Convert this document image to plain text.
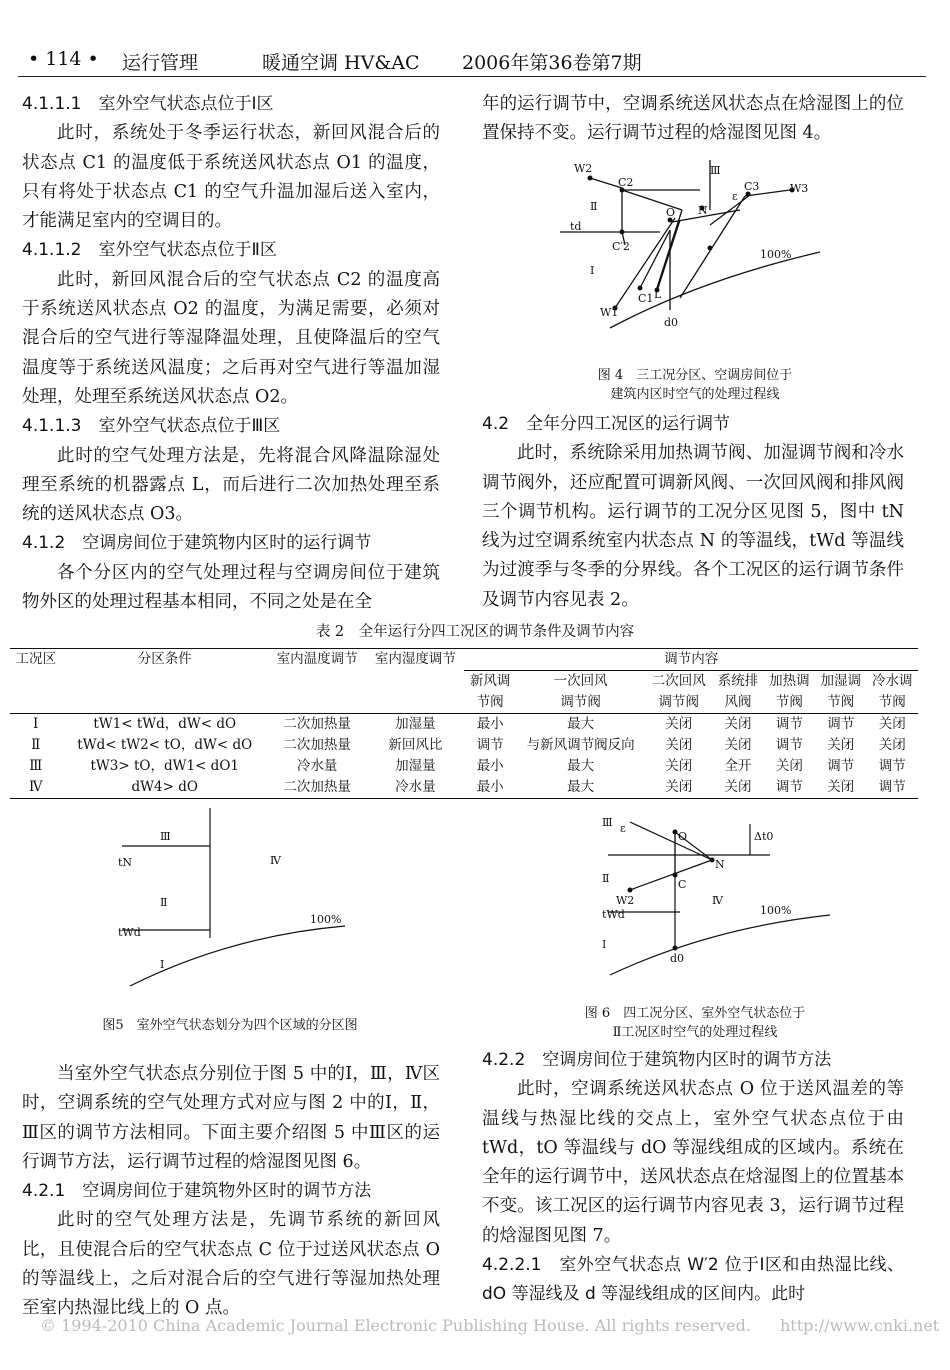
• 114 • 运行管理	暖通空调 HV&AC 2006年第36卷第7期

4.1.1.1　室外空气状态点位于Ⅰ区

此时，系统处于冬季运行状态，新回风混合后的状态点 C1 的温度低于系统送风状态点 O1 的温度，只有将处于状态点 C1 的空气升温加湿后送入室内，才能满足室内的空调目的。

4.1.1.2　室外空气状态点位于Ⅱ区

此时，新回风混合后的空气状态点 C2 的温度高于系统送风状态点 O2 的温度，为满足需要，必须对混合后的空气进行等湿降温处理，且使降温后的空气温度等于系统送风温度；之后再对空气进行等温加湿处理，处理至系统送风状态点 O2。

4.1.1.3　室外空气状态点位于Ⅲ区

此时的空气处理方法是，先将混合风降温除湿处理至系统的机器露点 L，而后进行二次加热处理至系统的送风状态点 O3。

4.1.2　空调房间位于建筑物内区时的运行调节

各个分区内的空气处理过程与空调房间位于建筑物外区的处理过程基本相同，不同之处是在全

年的运行调节中，空调系统送风状态点在焓湿图上的位置保持不变。运行调节过程的焓湿图见图 4。

4.2　全年分四工况区的运行调节

此时，系统除采用加热调节阀、加湿调节阀和冷水调节阀外，还应配置可调新风阀、一次回风阀和排风阀三个调节机构。运行调节的工况分区见图 5，图中 tN 线为过空调系统室内状态点 N 的等温线，tWd 等温线为过渡季与冬季的分界线。各个工况区的运行调节条件及调节内容见表 2。

当室外空气状态点分别位于图 5 中的Ⅰ，Ⅲ，Ⅳ区时，空调系统的空气处理方式对应与图 2 中的Ⅰ，Ⅱ，Ⅲ区的调节方法相同。下面主要介绍图 5 中Ⅲ区的运行调节方法，运行调节过程的焓湿图见图 6。

4.2.1　空调房间位于建筑物外区时的调节方法

此时的空气处理方法是，先调节系统的新回风比，且使混合后的空气状态点 C 位于过送风状态点 O 的等温线上，之后对混合后的空气进行等湿加热处理至室内热湿比线上的 O 点。

4.2.2　空调房间位于建筑物内区时的调节方法

此时，空调系统送风状态点 O 位于送风温差的等温线与热湿比线的交点上，室外空气状态点位于由 tWd，tO 等温线与 dO 等湿线组成的区域内。系统在全年的运行调节中，送风状态点在焓湿图上的位置基本不变。该工况区的运行调节内容见表 3，运行调节过程的焓湿图见图 7。

4.2.2.1　室外空气状态点 W′2 位于Ⅰ区和由热湿比线、dO 等湿线及 d 等湿线组成的区间内。此时

W2
C2
Ⅲ
W3
ε
C3
Ⅱ	N
O
td
C′2
100%
Ⅰ
C1 L
W1
d0
图 4　三工况分区、空调房间位于
建筑内区时空气的处理过程线
表 2　全年运行分四工况区的调节条件及调节内容
工况区	分区条件	室内温度调节	室内湿度调节	调节内容						
				新风调	一次回风	二次回风	系统排	加热调	加湿调	冷水调
				节阀	调节阀	调节阀	风阀	节阀	节阀	节阀
Ⅰ	tW1< tWd，dW< dO	二次加热量	加湿量	最小	最大	关闭	关闭	调节	调节	关闭
Ⅱ	tWd< tW2< tO，dW< dO	二次加热量	新回风比	调节	与新风调节阀反向	关闭	关闭	调节	关闭	关闭
Ⅲ	tW3> tO，dW1< dO1	冷水量	加湿量	最小	最大	关闭	全开	关闭	调节	调节
Ⅳ	dW4> dO	二次加热量	冷水量	最小	最大	关闭	关闭	调节	关闭	调节
Ⅲ
Ⅳ
tN
Ⅱ
100%
tWd
Ⅰ
图5　室外空气状态划分为四个区域的分区图
Ⅲ ε
O	Δt0
N
Ⅱ	C
W2	Ⅳ
100%
tWd
Ⅰ
d0
图 6　四工况分区、室外空气状态位于
Ⅱ工况区时空气的处理过程线
© 1994-2010 China Academic Journal Electronic Publishing House. All rights reserved. http://www.cnki.net
